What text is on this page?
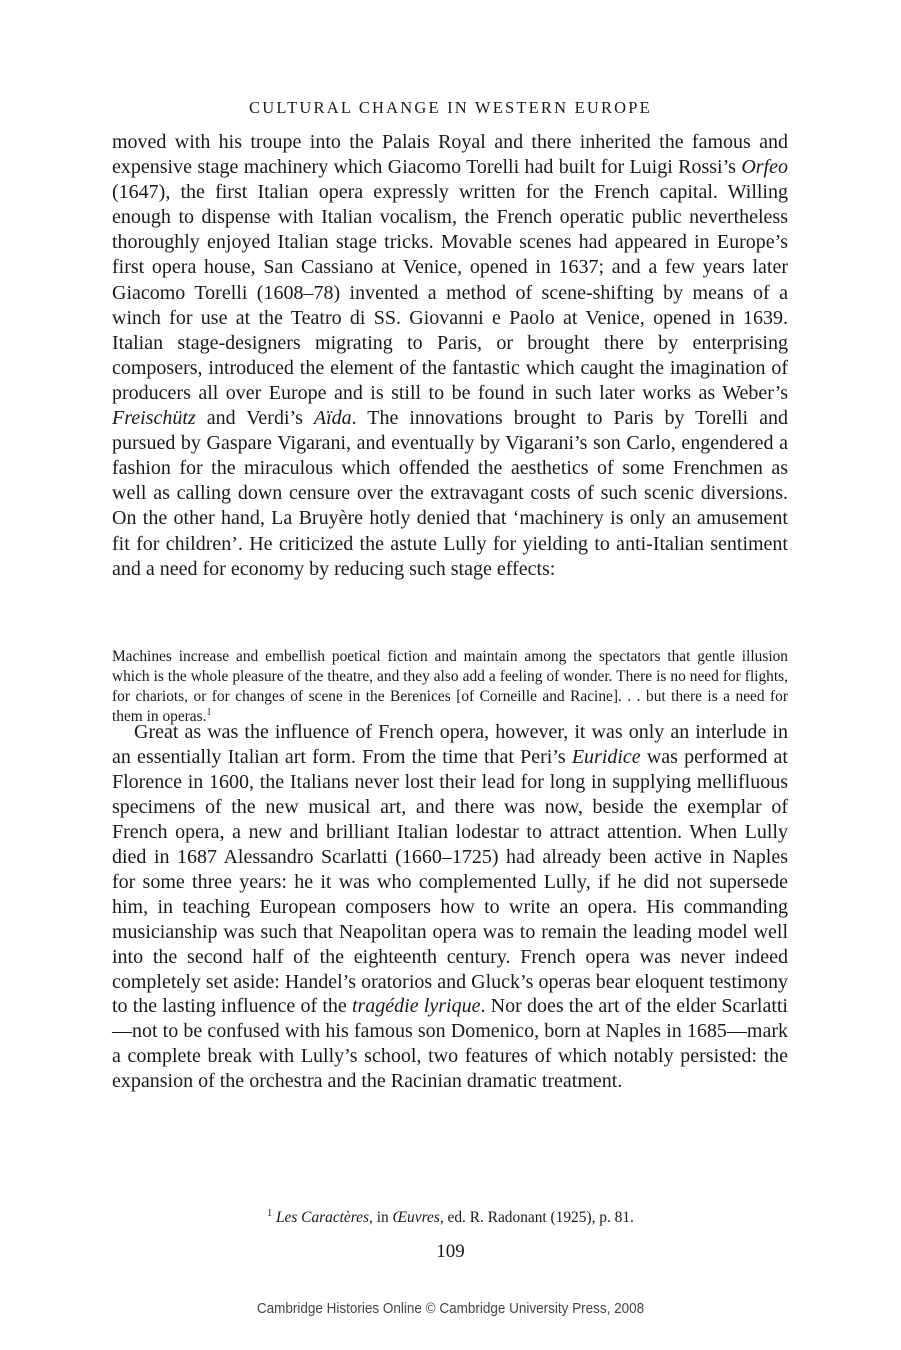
CULTURAL CHANGE IN WESTERN EUROPE

moved with his troupe into the Palais Royal and there inherited the famous and expensive stage machinery which Giacomo Torelli had built for Luigi Rossi’s Orfeo (1647), the first Italian opera expressly written for the French capital. Willing enough to dispense with Italian vocalism, the French operatic public nevertheless thoroughly enjoyed Italian stage tricks. Movable scenes had appeared in Europe’s first opera house, San Cassiano at Venice, opened in 1637; and a few years later Giacomo Torelli (1608–78) invented a method of scene-shifting by means of a winch for use at the Teatro di SS. Giovanni e Paolo at Venice, opened in 1639. Italian stage-designers migrating to Paris, or brought there by enterprising composers, introduced the element of the fantastic which caught the imagination of producers all over Europe and is still to be found in such later works as Weber’s Freischütz and Verdi’s Aïda. The innovations brought to Paris by Torelli and pursued by Gaspare Vigarani, and eventually by Vigarani’s son Carlo, engendered a fashion for the miraculous which offended the aesthetics of some Frenchmen as well as calling down censure over the extravagant costs of such scenic diversions. On the other hand, La Bruyère hotly denied that ‘machinery is only an amusement fit for children’. He criticized the astute Lully for yielding to anti-Italian sentiment and a need for economy by reducing such stage effects:

Machines increase and embellish poetical fiction and maintain among the spectators that gentle illusion which is the whole pleasure of the theatre, and they also add a feeling of wonder. There is no need for flights, for chariots, or for changes of scene in the Berenices [of Corneille and Racine]. . . but there is a need for them in operas.$^1$
Great as was the influence of French opera, however, it was only an interlude in an essentially Italian art form. From the time that Peri’s Euridice was performed at Florence in 1600, the Italians never lost their lead for long in supplying mellifluous specimens of the new musical art, and there was now, beside the exemplar of French opera, a new and brilliant Italian lodestar to attract attention. When Lully died in 1687 Alessandro Scarlatti (1660–1725) had already been active in Naples for some three years: he it was who complemented Lully, if he did not supersede him, in teaching European composers how to write an opera. His commanding musicianship was such that Neapolitan opera was to remain the leading model well into the second half of the eighteenth century. French opera was never indeed completely set aside: Handel’s oratorios and Gluck’s operas bear eloquent testimony to the lasting influence of the tragédie lyrique. Nor does the art of the elder Scarlatti—not to be confused with his famous son Domenico, born at Naples in 1685—mark a complete break with Lully’s school, two features of which notably persisted: the expansion of the orchestra and the Racinian dramatic treatment.
$^1$ Les Caractères, in Œuvres, ed. R. Radonant (1925), p. 81.
109
Cambridge Histories Online © Cambridge University Press, 2008
